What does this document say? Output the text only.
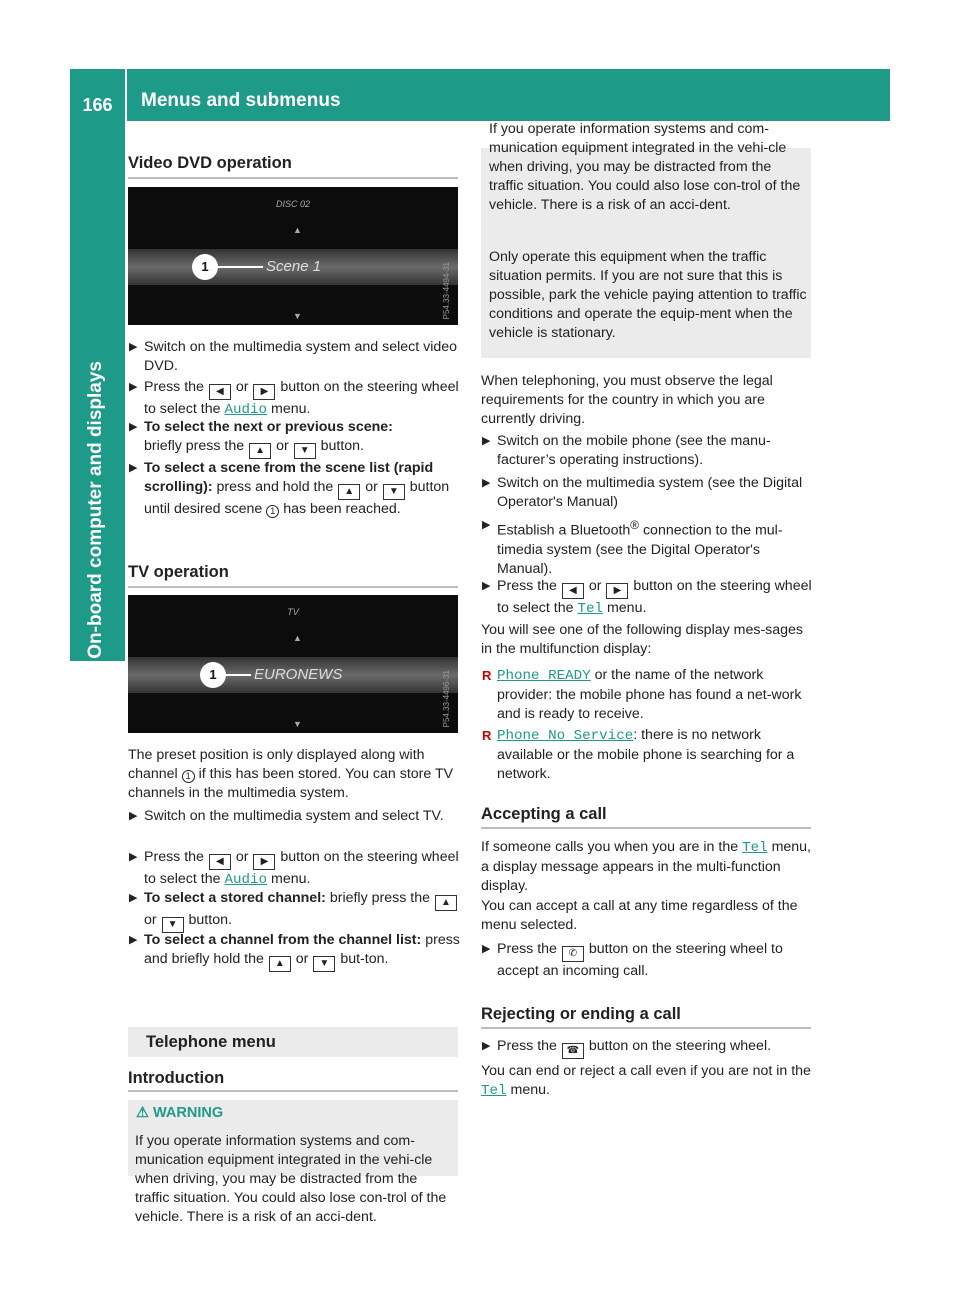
166	Menus and submenus
On-board computer and displays
Video DVD operation
DISC 02
▲
1	Scene 1
▼	P54.33-4494-31
▶ Switch on the multimedia system and select video DVD.
▶ Press the ◀ or ▶ button on the steering wheel to select the Audio menu.
▶ To select the next or previous scene:
briefly press the ▲ or ▼ button.
▶ To select a scene from the scene list (rapid scrolling): press and hold the ▲ or ▼ button until desired scene 1 has been reached.
TV operation
TV
▲
1	EURONEWS
▼	P54.33-4496-31
The preset position is only displayed along with channel 1 if this has been stored. You can store TV channels in the multimedia system.
▶ Switch on the multimedia system and select TV.
▶ Press the ◀ or ▶ button on the steering wheel to select the Audio menu.
▶ To select a stored channel: briefly press the ▲ or ▼ button.
▶ To select a channel from the channel list: press and briefly hold the ▲ or ▼ but-ton.
Telephone menu
Introduction
⚠ WARNING
If you operate information systems and com-munication equipment integrated in the vehi-cle when driving, you may be distracted from the traffic situation. You could also lose con-trol of the vehicle. There is a risk of an acci-dent.
If you operate information systems and com-munication equipment integrated in the vehi-cle when driving, you may be distracted from the traffic situation. You could also lose con-trol of the vehicle. There is a risk of an acci-dent.
Only operate this equipment when the traffic situation permits. If you are not sure that this is possible, park the vehicle paying attention to traffic conditions and operate the equip-ment when the vehicle is stationary.
When telephoning, you must observe the legal requirements for the country in which you are currently driving.
▶ Switch on the mobile phone (see the manu-facturer’s operating instructions).
▶ Switch on the multimedia system (see the Digital Operator's Manual)
▶ Establish a Bluetooth® connection to the mul-timedia system (see the Digital Operator's Manual).
▶ Press the ◀ or ▶ button on the steering wheel to select the Tel menu.
You will see one of the following display mes-sages in the multifunction display:
R Phone READY or the name of the network provider: the mobile phone has found a net-work and is ready to receive.
R Phone No Service: there is no network available or the mobile phone is searching for a network.
Accepting a call
If someone calls you when you are in the Tel menu, a display message appears in the multi-function display.
You can accept a call at any time regardless of the menu selected.
▶ Press the ✆ button on the steering wheel to accept an incoming call.
Rejecting or ending a call
▶ Press the ☎ button on the steering wheel.
You can end or reject a call even if you are not in the Tel menu.
